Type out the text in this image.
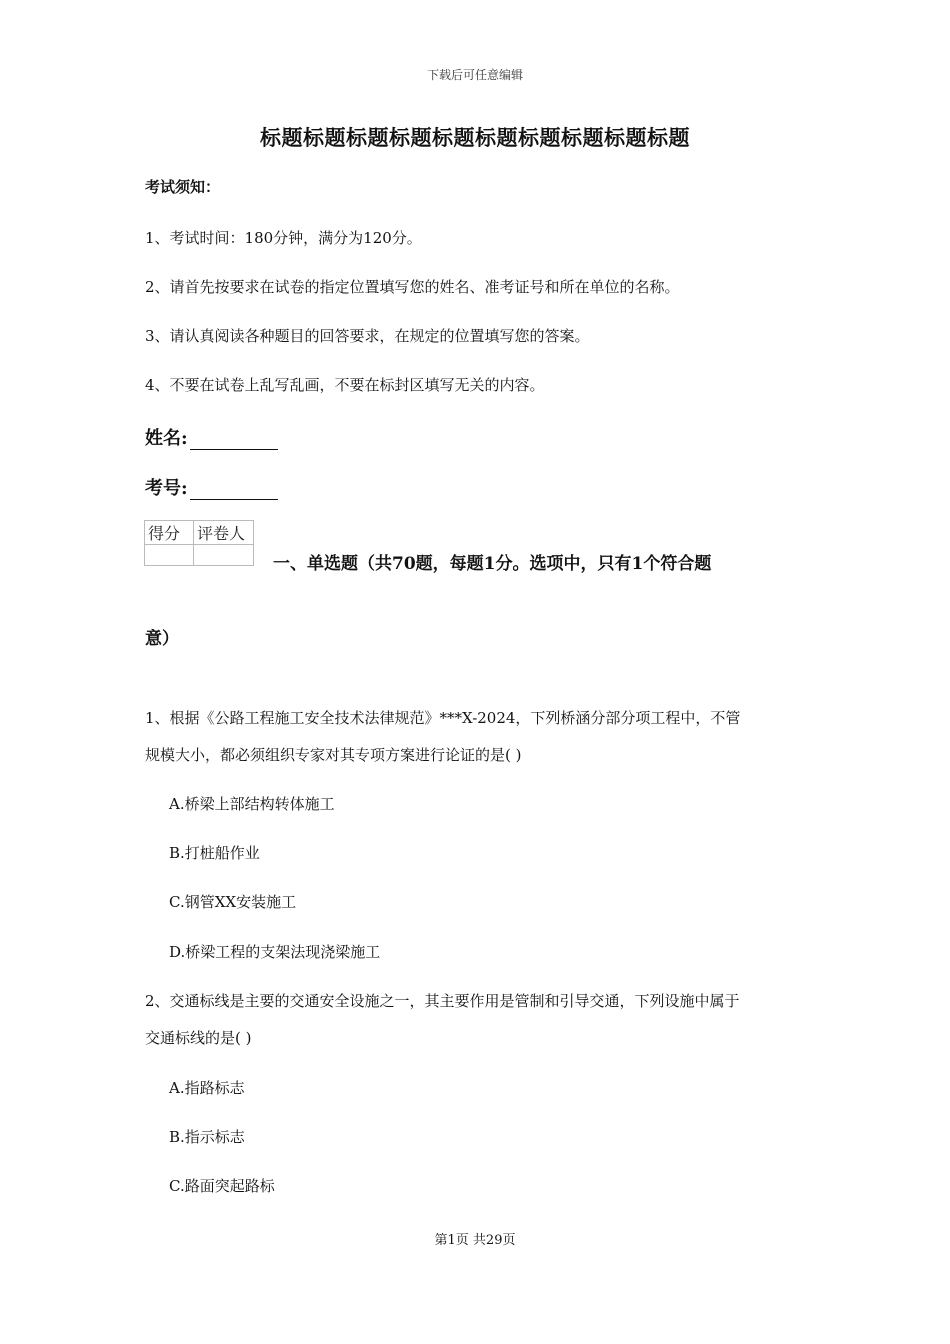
下载后可任意编辑
标题标题标题标题标题标题标题标题标题标题
考试须知：
1、考试时间：180分钟，满分为120分。
2、请首先按要求在试卷的指定位置填写您的姓名、准考证号和所在单位的名称。
3、请认真阅读各种题目的回答要求，在规定的位置填写您的答案。
4、不要在试卷上乱写乱画，不要在标封区填写无关的内容。
姓名:
考号:
得分	评卷人

一、单选题（共70题，每题1分。选项中，只有1个符合题
意）
1、根据《公路工程施工安全技术法律规范》***X-2024，下列桥涵分部分项工程中，不管
规模大小，都必须组织专家对其专项方案进行论证的是( )
A.桥梁上部结构转体施工
B.打桩船作业
C.钢管XX安装施工
D.桥梁工程的支架法现浇梁施工
2、交通标线是主要的交通安全设施之一，其主要作用是管制和引导交通，下列设施中属于
交通标线的是( )
A.指路标志
B.指示标志
C.路面突起路标
第1页 共29页
